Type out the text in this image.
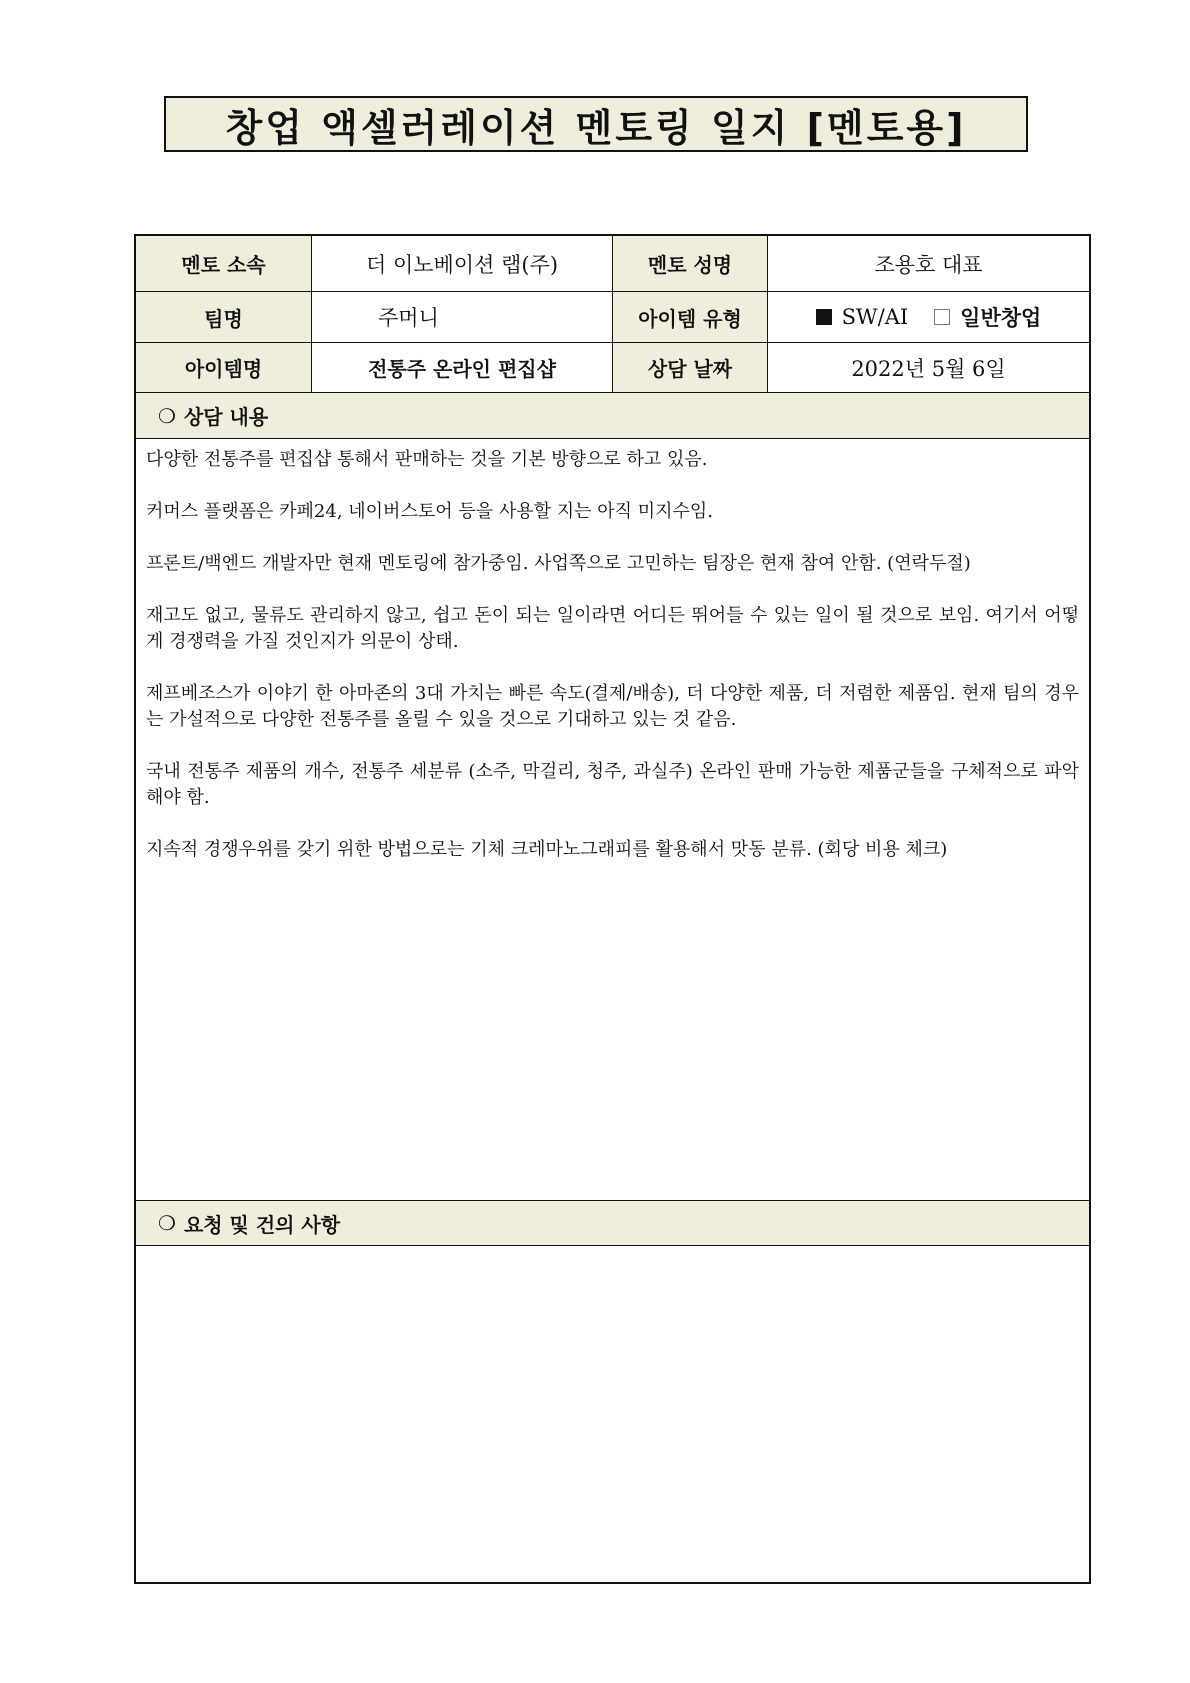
창업 액셀러레이션 멘토링 일지 [멘토용]
멘토 소속	더 이노베이션 랩(주)	멘토 성명	조용호 대표
팀명	주머니	아이템 유형	SW/AI 일반창업
아이템명	전통주 온라인 편집샵	상담 날짜	2022년 5월 6일
❍ 상담 내용

다양한 전통주를 편집샵 통해서 판매하는 것을 기본 방향으로 하고 있음.

커머스 플랫폼은 카페24, 네이버스토어 등을 사용할 지는 아직 미지수임.

프론트/백엔드 개발자만 현재 멘토링에 참가중임. 사업쪽으로 고민하는 팀장은 현재 참여 안함. (연락두절)

재고도 없고, 물류도 관리하지 않고, 쉽고 돈이 되는 일이라면 어디든 뛰어들 수 있는 일이 될 것으로 보임. 여기서 어떻게 경쟁력을 가질 것인지가 의문이 상태.

제프베조스가 이야기 한 아마존의 3대 가치는 빠른 속도(결제/배송), 더 다양한 제품, 더 저렴한 제품임. 현재 팀의 경우는 가설적으로 다양한 전통주를 올릴 수 있을 것으로 기대하고 있는 것 같음.

국내 전통주 제품의 개수, 전통주 세분류 (소주, 막걸리, 청주, 과실주) 온라인 판매 가능한 제품군들을 구체적으로 파악해야 함.

지속적 경쟁우위를 갖기 위한 방법으로는 기체 크레마노그래피를 활용해서 맛동 분류. (회당 비용 체크)

❍ 요청 및 건의 사항
